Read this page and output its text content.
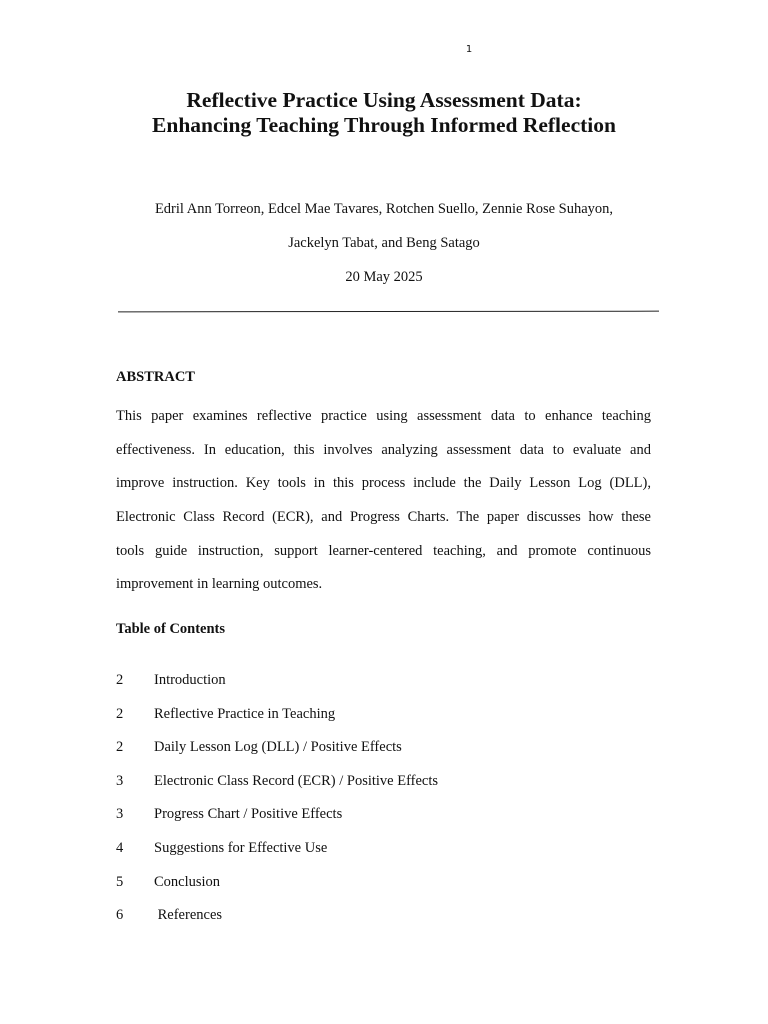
1
Reflective Practice Using Assessment Data:
Enhancing Teaching Through Informed Reflection
Edril Ann Torreon, Edcel Mae Tavares, Rotchen Suello, Zennie Rose Suhayon,
Jackelyn Tabat, and Beng Satago
20 May 2025
ABSTRACT
This paper examines reflective practice using assessment data to enhance teaching
effectiveness. In education, this involves analyzing assessment data to evaluate and
improve instruction. Key tools in this process include the Daily Lesson Log (DLL),
Electronic Class Record (ECR), and Progress Charts. The paper discusses how these
tools guide instruction, support learner-centered teaching, and promote continuous
improvement in learning outcomes.
Table of Contents
2 Introduction
2 Reflective Practice in Teaching
2 Daily Lesson Log (DLL) / Positive Effects
3 Electronic Class Record (ECR) / Positive Effects
3 Progress Chart / Positive Effects
4 Suggestions for Effective Use
5 Conclusion
6 References
